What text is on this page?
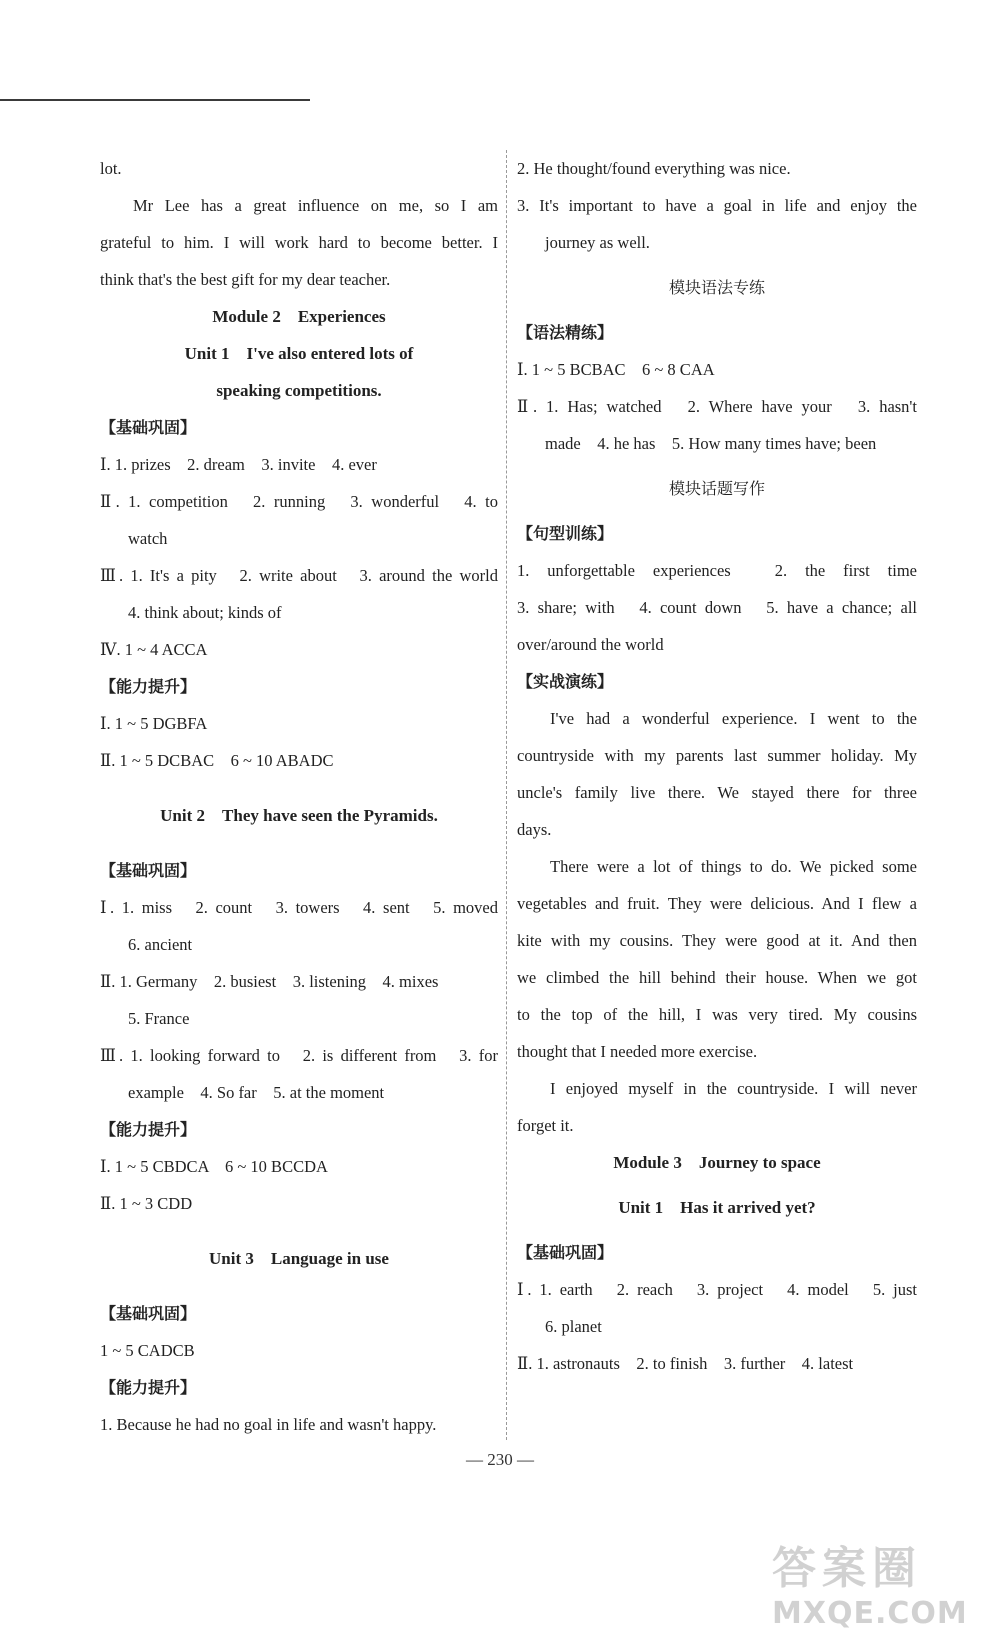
lot.

Mr Lee has a great influence on me, so I am

grateful to him. I will work hard to become better. I

think that's the best gift for my dear teacher.

Module 2　Experiences

Unit 1　I've also entered lots of

speaking competitions.

【基础巩固】

Ⅰ. 1. prizes　2. dream　3. invite　4. ever

Ⅱ. 1. competition　2. running　3. wonderful　4. to

watch

Ⅲ. 1. It's a pity　2. write about　3. around the world

4. think about; kinds of

Ⅳ. 1 ~ 4 ACCA

【能力提升】

Ⅰ. 1 ~ 5 DGBFA

Ⅱ. 1 ~ 5 DCBAC　6 ~ 10 ABADC

Unit 2　They have seen the Pyramids.

【基础巩固】

Ⅰ. 1. miss　2. count　3. towers　4. sent　5. moved

6. ancient

Ⅱ. 1. Germany　2. busiest　3. listening　4. mixes

5. France

Ⅲ. 1. looking forward to　2. is different from　3. for

example　4. So far　5. at the moment

【能力提升】

Ⅰ. 1 ~ 5 CBDCA　6 ~ 10 BCCDA

Ⅱ. 1 ~ 3 CDD

Unit 3　Language in use

【基础巩固】

1 ~ 5 CADCB

【能力提升】

1. Because he had no goal in life and wasn't happy.

2. He thought/found everything was nice.

3. It's important to have a goal in life and enjoy the

journey as well.

模块语法专练

【语法精练】

Ⅰ. 1 ~ 5 BCBAC　6 ~ 8 CAA

Ⅱ. 1. Has; watched　2. Where have your　3. hasn't

made　4. he has　5. How many times have; been

模块话题写作

【句型训练】

1. unforgettable experiences　2. the first time

3. share; with　4. count down　5. have a chance; all

over/around the world

【实战演练】

I've had a wonderful experience. I went to the

countryside with my parents last summer holiday. My

uncle's family live there. We stayed there for three

days.

There were a lot of things to do. We picked some

vegetables and fruit. They were delicious. And I flew a

kite with my cousins. They were good at it. And then

we climbed the hill behind their house. When we got

to the top of the hill, I was very tired. My cousins

thought that I needed more exercise.

I enjoyed myself in the countryside. I will never

forget it.

Module 3　Journey to space

Unit 1　Has it arrived yet?

【基础巩固】

Ⅰ. 1. earth　2. reach　3. project　4. model　5. just

6. planet

Ⅱ. 1. astronauts　2. to finish　3. further　4. latest

— 230 —
答案圈
MXQE.COM
